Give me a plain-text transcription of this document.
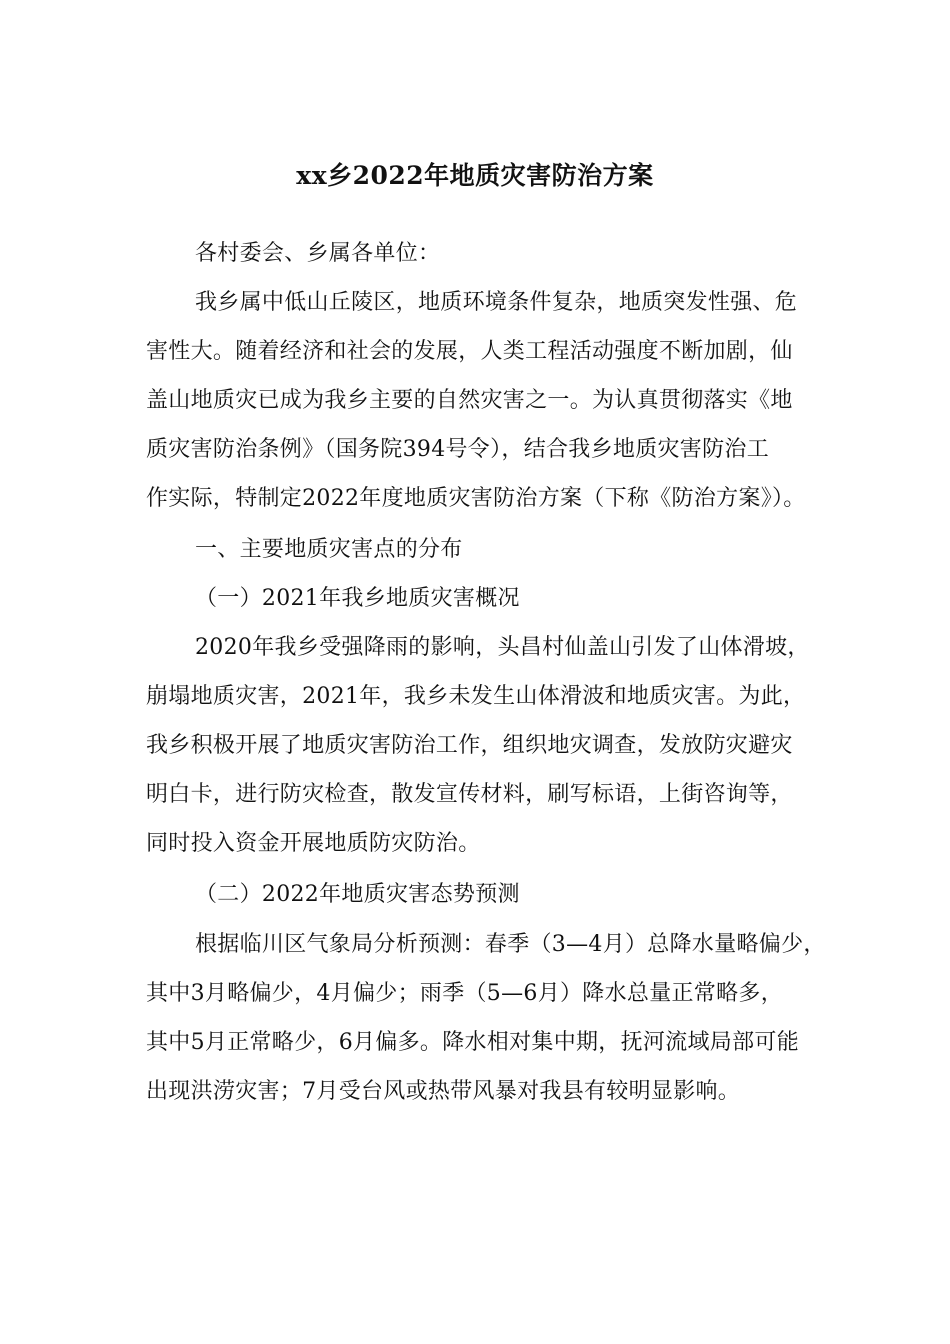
xx乡2022年地质灾害防治方案
各村委会、乡属各单位：
我乡属中低山丘陵区，地质环境条件复杂，地质突发性强、危
害性大。随着经济和社会的发展，人类工程活动强度不断加剧，仙
盖山地质灾已成为我乡主要的自然灾害之一。为认真贯彻落实《地
质灾害防治条例》（国务院394号令），结合我乡地质灾害防治工
作实际，特制定2022年度地质灾害防治方案（下称《防治方案》）。
一、主要地质灾害点的分布
（一）2021年我乡地质灾害概况
2020年我乡受强降雨的影响，头昌村仙盖山引发了山体滑坡，
崩塌地质灾害，2021年，我乡未发生山体滑波和地质灾害。为此，
我乡积极开展了地质灾害防治工作，组织地灾调查，发放防灾避灾
明白卡，进行防灾检查，散发宣传材料，刷写标语，上街咨询等，
同时投入资金开展地质防灾防治。
（二）2022年地质灾害态势预测
根据临川区气象局分析预测：春季（3—4月）总降水量略偏少，
其中3月略偏少，4月偏少；雨季（5—6月）降水总量正常略多，
其中5月正常略少，6月偏多。降水相对集中期，抚河流域局部可能
出现洪涝灾害；7月受台风或热带风暴对我县有较明显影响。
